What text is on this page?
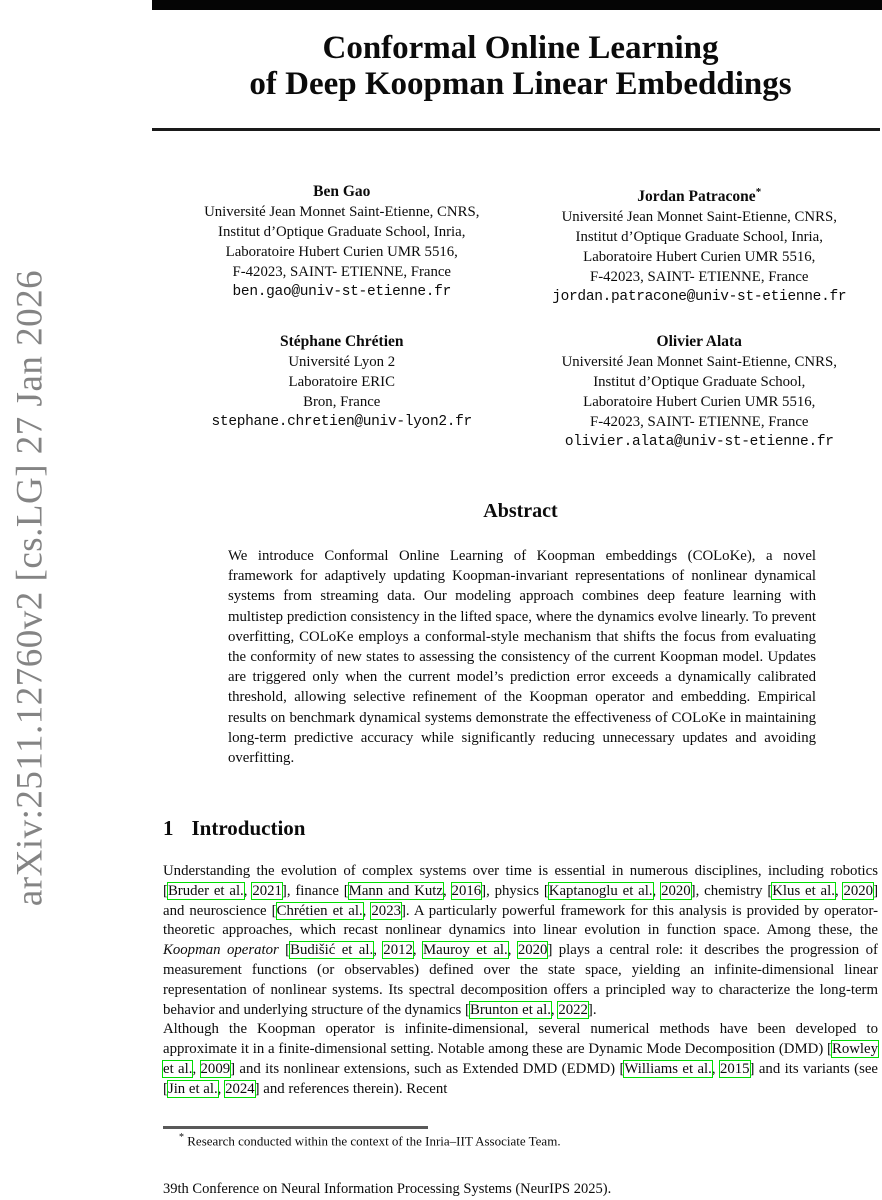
arXiv:2511.12760v2 [cs.LG] 27 Jan 2026
Conformal Online Learning
of Deep Koopman Linear Embeddings
Ben Gao
Université Jean Monnet Saint-Etienne, CNRS,
Institut d’Optique Graduate School, Inria,
Laboratoire Hubert Curien UMR 5516,
F-42023, SAINT- ETIENNE, France
ben.gao@univ-st-etienne.fr
Jordan Patracone*
Université Jean Monnet Saint-Etienne, CNRS,
Institut d’Optique Graduate School, Inria,
Laboratoire Hubert Curien UMR 5516,
F-42023, SAINT- ETIENNE, France
jordan.patracone@univ-st-etienne.fr
Stéphane Chrétien
Université Lyon 2
Laboratoire ERIC
Bron, France
stephane.chretien@univ-lyon2.fr
Olivier Alata
Université Jean Monnet Saint-Etienne, CNRS,
Institut d’Optique Graduate School,
Laboratoire Hubert Curien UMR 5516,
F-42023, SAINT- ETIENNE, France
olivier.alata@univ-st-etienne.fr
Abstract
We introduce Conformal Online Learning of Koopman embeddings (COLoKe), a novel framework for adaptively updating Koopman-invariant representations of nonlinear dynamical systems from streaming data. Our modeling approach combines deep feature learning with multistep prediction consistency in the lifted space, where the dynamics evolve linearly. To prevent overfitting, COLoKe employs a conformal-style mechanism that shifts the focus from evaluating the conformity of new states to assessing the consistency of the current Koopman model. Updates are triggered only when the current model’s prediction error exceeds a dynamically calibrated threshold, allowing selective refinement of the Koopman operator and embedding. Empirical results on benchmark dynamical systems demonstrate the effectiveness of COLoKe in maintaining long-term predictive accuracy while significantly reducing unnecessary updates and avoiding overfitting.
1 Introduction

Understanding the evolution of complex systems over time is essential in numerous disciplines, including robotics [Bruder et al., 2021], finance [Mann and Kutz, 2016], physics [Kaptanoglu et al., 2020], chemistry [Klus et al., 2020] and neuroscience [Chrétien et al., 2023]. A particularly powerful framework for this analysis is provided by operator-theoretic approaches, which recast nonlinear dynamics into linear evolution in function space. Among these, the Koopman operator [Budišić et al., 2012, Mauroy et al., 2020] plays a central role: it describes the progression of measurement functions (or observables) defined over the state space, yielding an infinite-dimensional linear representation of nonlinear systems. Its spectral decomposition offers a principled way to characterize the long-term behavior and underlying structure of the dynamics [Brunton et al., 2022].

Although the Koopman operator is infinite-dimensional, several numerical methods have been developed to approximate it in a finite-dimensional setting. Notable among these are Dynamic Mode Decomposition (DMD) [Rowley et al., 2009] and its nonlinear extensions, such as Extended DMD (EDMD) [Williams et al., 2015] and its variants (see [Jin et al., 2024] and references therein). Recent

* Research conducted within the context of the Inria–IIT Associate Team.
39th Conference on Neural Information Processing Systems (NeurIPS 2025).
